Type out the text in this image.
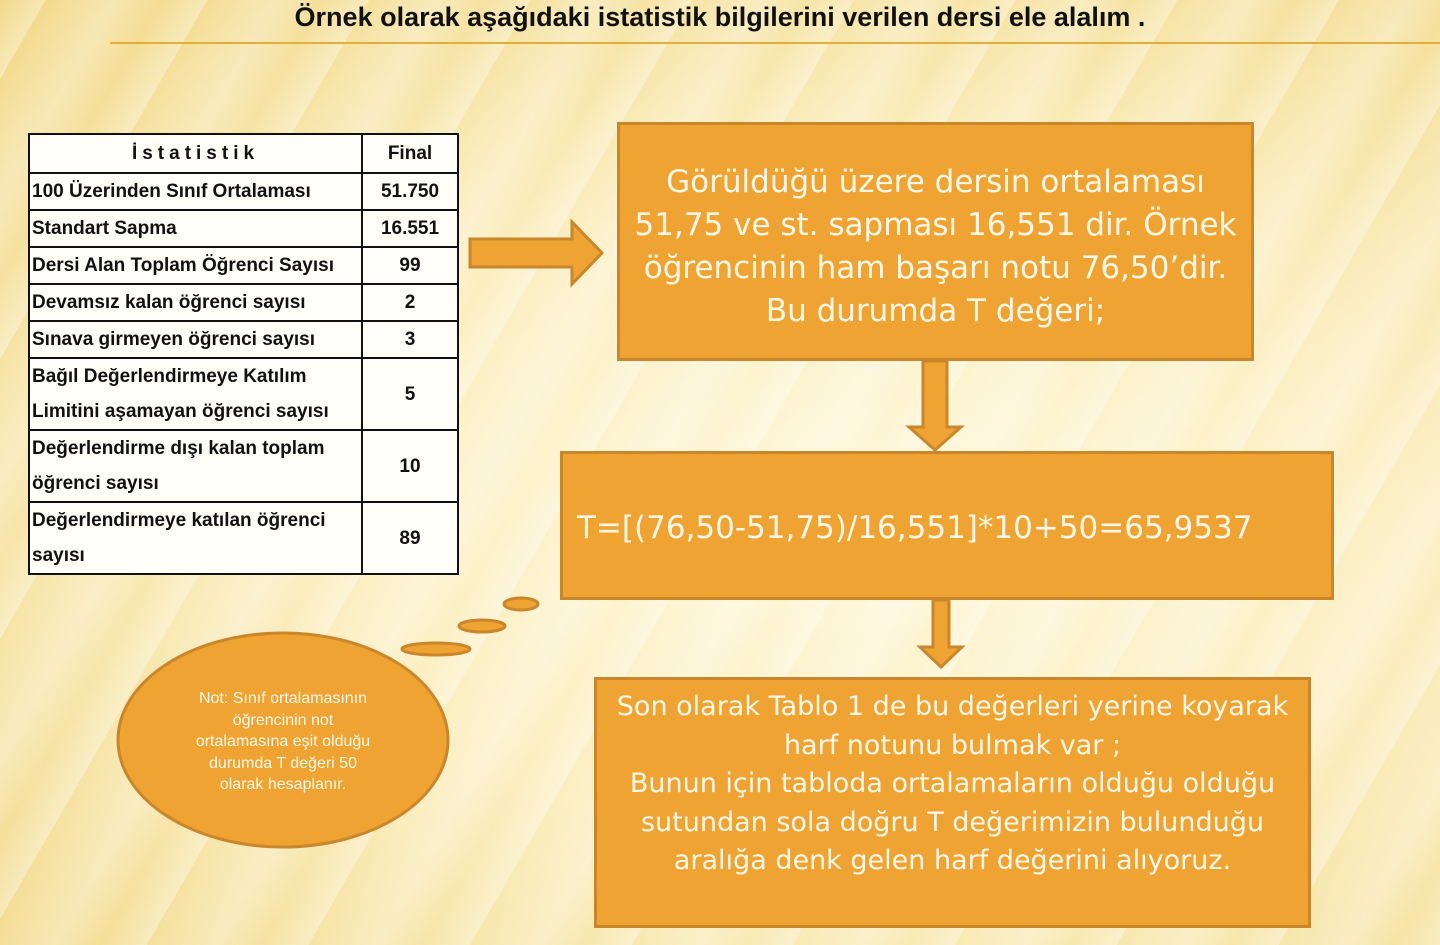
Örnek olarak aşağıdaki istatistik bilgilerini verilen dersi ele alalım .
İstatistik	Final
100 Üzerinden Sınıf Ortalaması	51.750
Standart Sapma	16.551
Dersi Alan Toplam Öğrenci Sayısı	99
Devamsız kalan öğrenci sayısı	2
Sınava girmeyen öğrenci sayısı	3

Bağıl Değerlendirmeye Katılım
Limitini aşamayan öğrenci sayısı	5

Değerlendirme dışı kalan toplam
öğrenci sayısı	10

Değerlendirmeye katılan öğrenci
sayısı	89
Not: Sınıf ortalamasının
öğrencinin not
ortalamasına eşit olduğu
durumda T değeri 50
olarak hesaplanır.
Görüldüğü üzere dersin ortalaması
51,75 ve st. sapması 16,551 dir. Örnek
öğrencinin ham başarı notu 76,50’dir.
Bu durumda T değeri;
T=[(76,50-51,75)/16,551]*10+50=65,9537
Son olarak Tablo 1 de bu değerleri yerine koyarak
harf notunu bulmak var ;
Bunun için tabloda ortalamaların olduğu olduğu
sutundan sola doğru T değerimizin bulunduğu
aralığa denk gelen harf değerini alıyoruz.
